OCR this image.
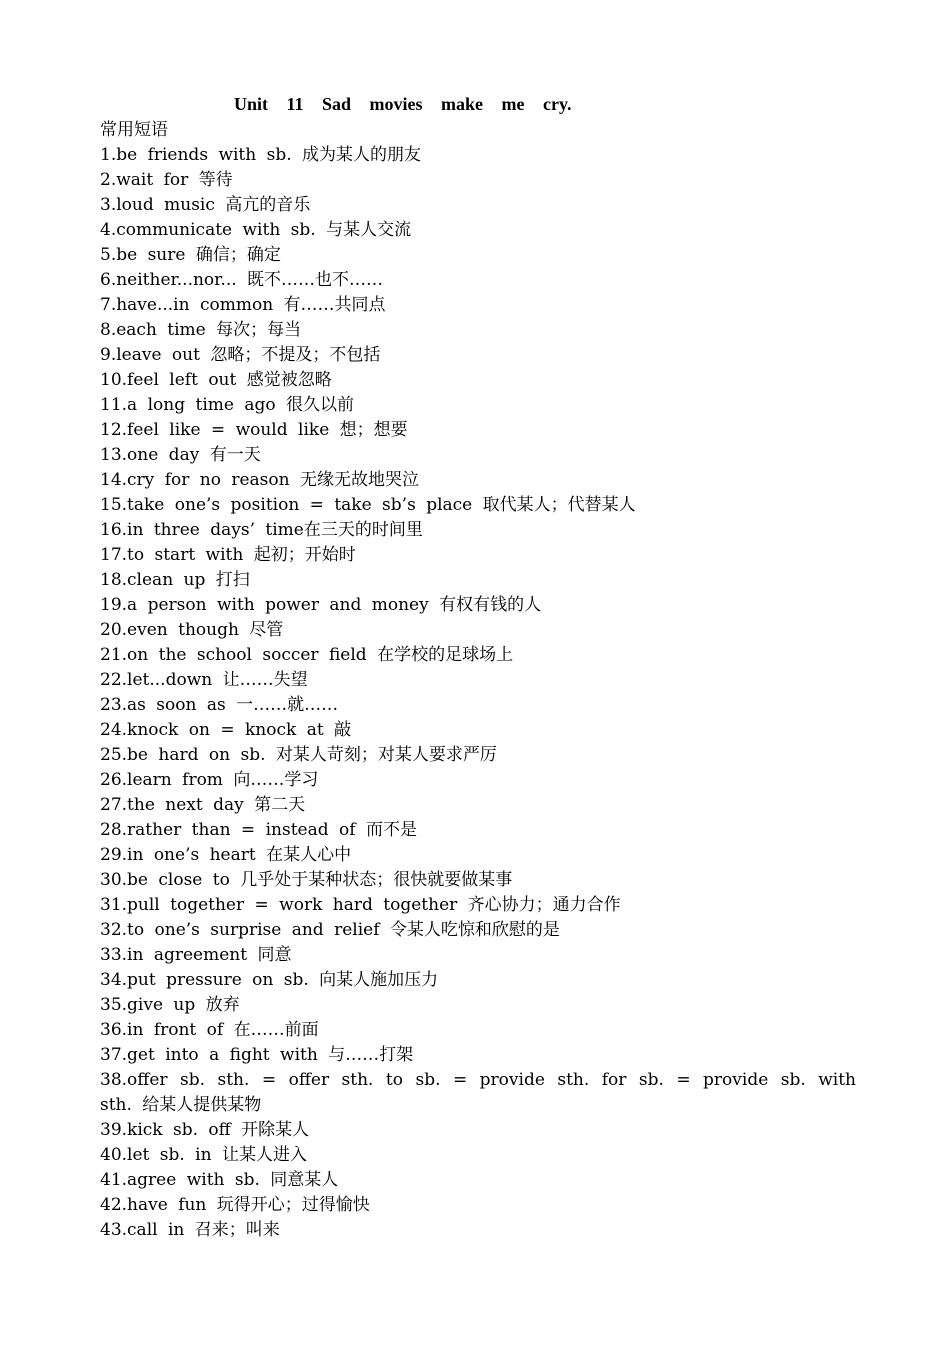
Unit 11 Sad movies make me cry.
常用短语
1.be friends with sb. 成为某人的朋友
2.wait for 等待
3.loud music 高亢的音乐
4.communicate with sb. 与某人交流
5.be sure 确信；确定
6.neither...nor... 既不……也不……
7.have...in common 有……共同点
8.each time 每次；每当
9.leave out 忽略；不提及；不包括
10.feel left out 感觉被忽略
11.a long time ago 很久以前
12.feel like = would like 想；想要
13.one day 有一天
14.cry for no reason 无缘无故地哭泣
15.take one’s position = take sb’s place 取代某人；代替某人
16.in three days’ time在三天的时间里
17.to start with 起初；开始时
18.clean up 打扫
19.a person with power and money 有权有钱的人
20.even though 尽管
21.on the school soccer field 在学校的足球场上
22.let...down 让……失望
23.as soon as 一……就……
24.knock on = knock at 敲
25.be hard on sb. 对某人苛刻；对某人要求严厉
26.learn from 向……学习
27.the next day 第二天
28.rather than = instead of 而不是
29.in one’s heart 在某人心中
30.be close to 几乎处于某种状态；很快就要做某事
31.pull together = work hard together 齐心协力；通力合作
32.to one’s surprise and relief 令某人吃惊和欣慰的是
33.in agreement 同意
34.put pressure on sb. 向某人施加压力
35.give up 放弃
36.in front of 在……前面
37.get into a fight with 与……打架
38.offer sb. sth. = offer sth. to sb. = provide sth. for sb. = provide sb. with sth. 给某人提供某物
39.kick sb. off 开除某人
40.let sb. in 让某人进入
41.agree with sb. 同意某人
42.have fun 玩得开心；过得愉快
43.call in 召来；叫来
